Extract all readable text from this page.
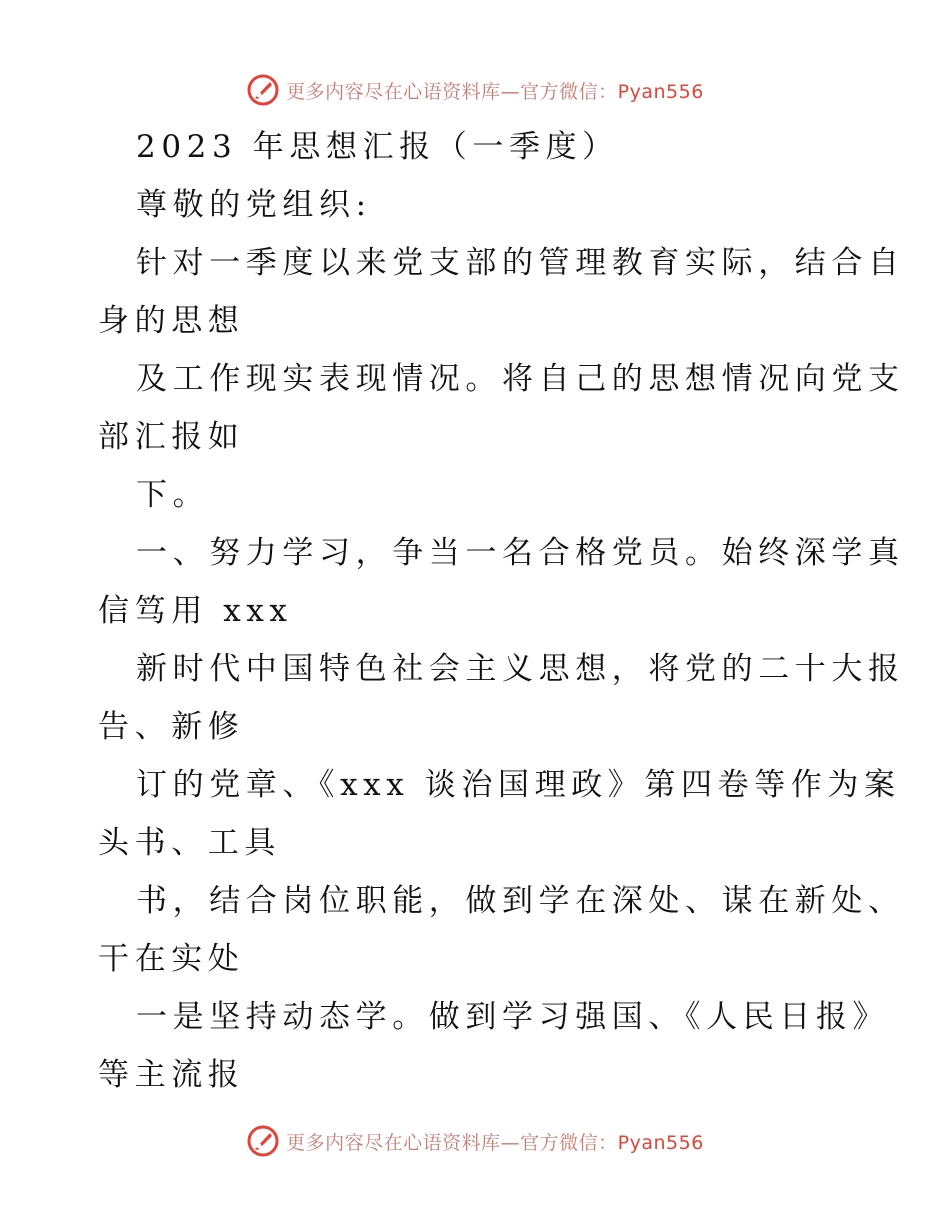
更多内容尽在心语资料库—官方微信：Pyan556
2023 年思想汇报（一季度）
尊敬的党组织:
针对一季度以来党支部的管理教育实际，结合自
身的思想
及工作现实表现情况。将自己的思想情况向党支
部汇报如
下。
一、努力学习，争当一名合格党员。始终深学真
信笃用 xxx
新时代中国特色社会主义思想，将党的二十大报
告、新修
订的党章、《xxx 谈治国理政》第四卷等作为案
头书、工具
书，结合岗位职能，做到学在深处、谋在新处、
干在实处
一是坚持动态学。做到学习强国、《人民日报》
等主流报
更多内容尽在心语资料库—官方微信：Pyan556
